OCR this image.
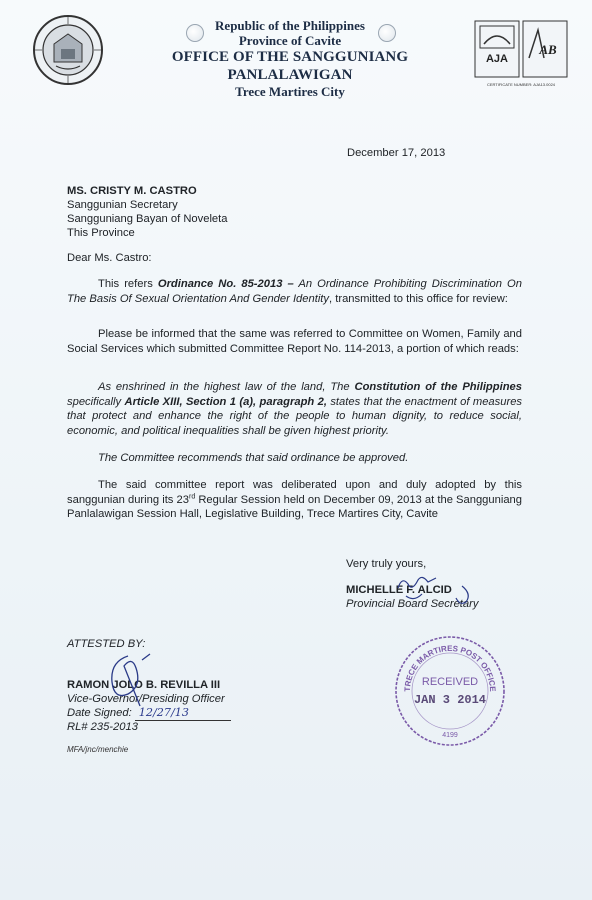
Republic of the Philippines
Province of Cavite
OFFICE OF THE SANGGUNIANG PANLALAWIGAN
Trece Martires City
AJA
AB
CERTIFICATE NUMBER: AJA13.0024
December 17, 2013
MS. CRISTY M. CASTRO
Sanggunian Secretary
Sangguniang Bayan of Noveleta
This Province
Dear Ms. Castro:
This refers Ordinance No. 85-2013 – An Ordinance Prohibiting Discrimination On The Basis Of Sexual Orientation And Gender Identity, transmitted to this office for review:
Please be informed that the same was referred to Committee on Women, Family and Social Services which submitted Committee Report No. 114-2013, a portion of which reads:
As enshrined in the highest law of the land, The Constitution of the Philippines specifically Article XIII, Section 1 (a), paragraph 2, states that the enactment of measures that protect and enhance the right of the people to human dignity, to reduce social, economic, and political inequalities shall be given highest priority.
The Committee recommends that said ordinance be approved.
The said committee report was deliberated upon and duly adopted by this sanggunian during its 23rd Regular Session held on December 09, 2013 at the Sangguniang Panlalawigan Session Hall, Legislative Building, Trece Martires City, Cavite
Very truly yours,
MICHELLE F. ALCID
Provincial Board Secretary
ATTESTED BY:
RAMON JOLO B. REVILLA III
Vice-Governor/Presiding Officer
Date Signed: 12/27/13
RL# 235-2013
MFA/jnc/menchie
TRECE MARTIRES POST OFFICE
RECEIVED
JAN 3 2014
4199
